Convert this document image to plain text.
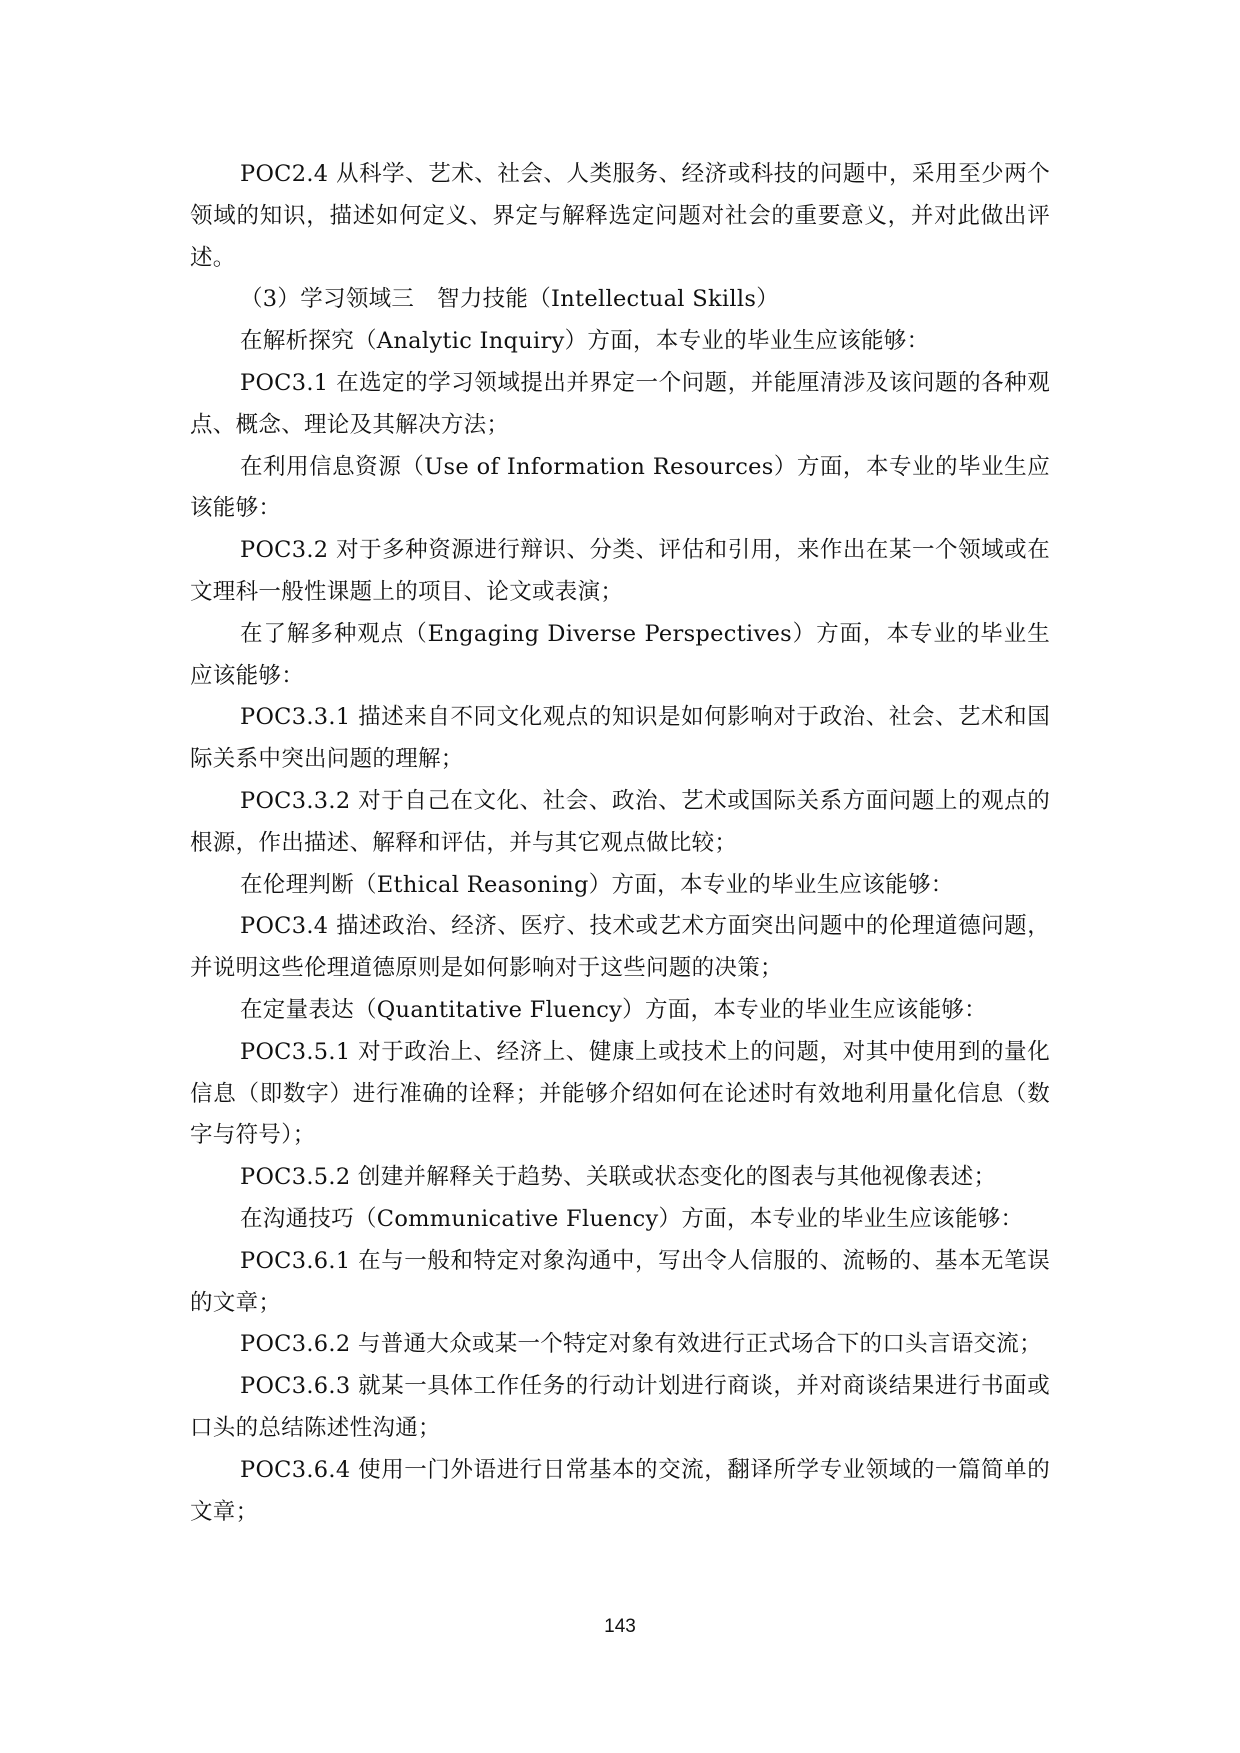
POC2.4 从科学、艺术、社会、人类服务、经济或科技的问题中，采用至少两个领域的知识，描述如何定义、界定与解释选定问题对社会的重要意义，并对此做出评述。

（3）学习领域三　智力技能（Intellectual Skills）

在解析探究（Analytic Inquiry）方面，本专业的毕业生应该能够：

POC3.1 在选定的学习领域提出并界定一个问题，并能厘清涉及该问题的各种观点、概念、理论及其解决方法；

在利用信息资源（Use of Information Resources）方面，本专业的毕业生应该能够：

POC3.2 对于多种资源进行辩识、分类、评估和引用，来作出在某一个领域或在文理科一般性课题上的项目、论文或表演；

在了解多种观点（Engaging Diverse Perspectives）方面，本专业的毕业生应该能够：

POC3.3.1 描述来自不同文化观点的知识是如何影响对于政治、社会、艺术和国际关系中突出问题的理解；

POC3.3.2 对于自己在文化、社会、政治、艺术或国际关系方面问题上的观点的根源，作出描述、解释和评估，并与其它观点做比较；

在伦理判断（Ethical Reasoning）方面，本专业的毕业生应该能够：

POC3.4 描述政治、经济、医疗、技术或艺术方面突出问题中的伦理道德问题，并说明这些伦理道德原则是如何影响对于这些问题的决策；

在定量表达（Quantitative Fluency）方面，本专业的毕业生应该能够：

POC3.5.1 对于政治上、经济上、健康上或技术上的问题，对其中使用到的量化信息（即数字）进行准确的诠释；并能够介绍如何在论述时有效地利用量化信息（数字与符号）；

POC3.5.2 创建并解释关于趋势、关联或状态变化的图表与其他视像表述；

在沟通技巧（Communicative Fluency）方面，本专业的毕业生应该能够：

POC3.6.1 在与一般和特定对象沟通中，写出令人信服的、流畅的、基本无笔误的文章；

POC3.6.2 与普通大众或某一个特定对象有效进行正式场合下的口头言语交流；

POC3.6.3 就某一具体工作任务的行动计划进行商谈，并对商谈结果进行书面或口头的总结陈述性沟通；

POC3.6.4 使用一门外语进行日常基本的交流，翻译所学专业领域的一篇简单的文章；

143
